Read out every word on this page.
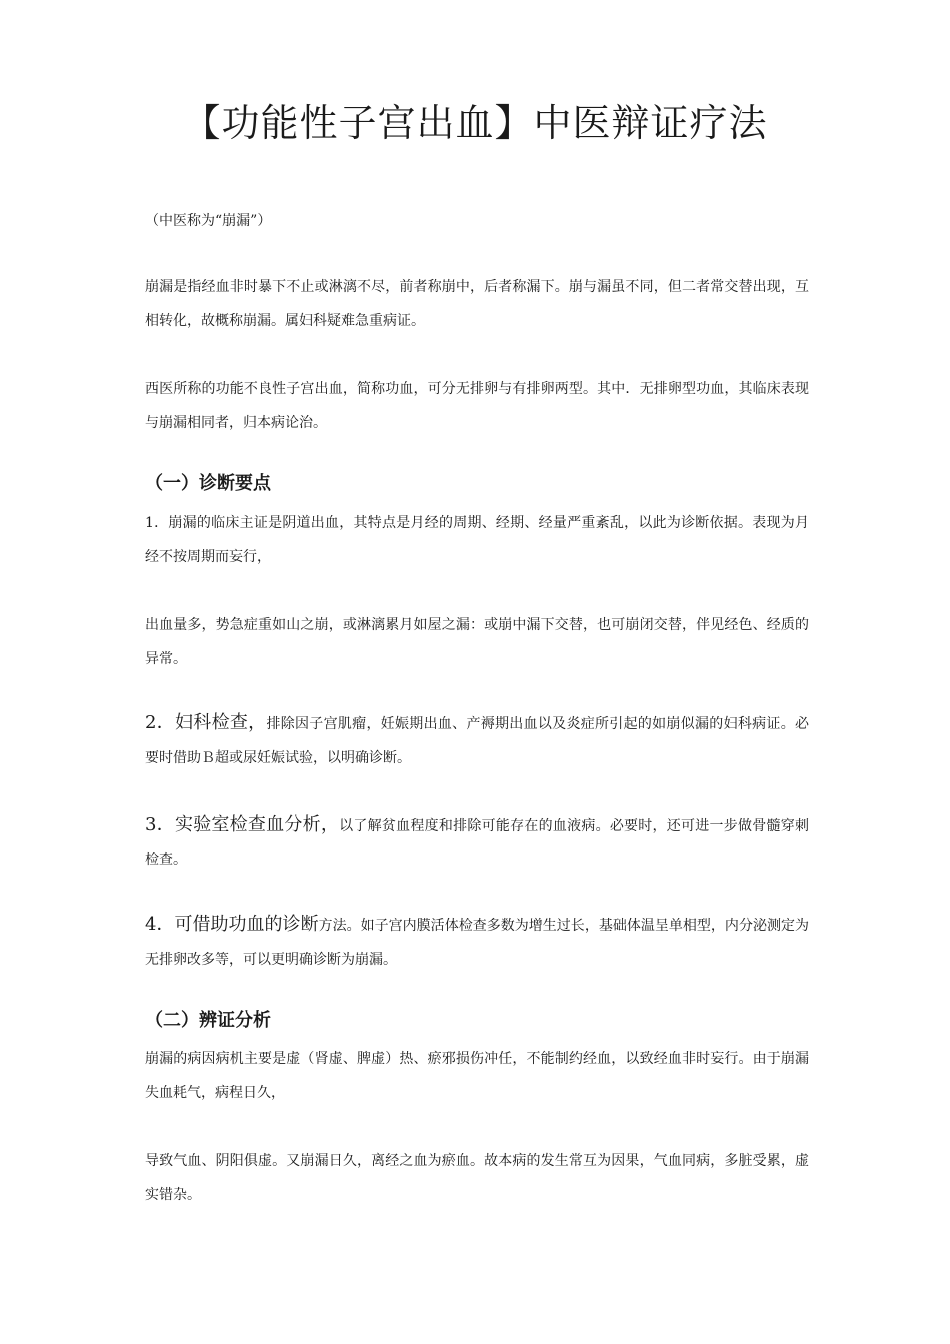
【功能性子宫出血】中医辩证疗法

（中医称为“崩漏”）

崩漏是指经血非时暴下不止或淋漓不尽，前者称崩中，后者称漏下。崩与漏虽不同，但二者常交替出现，互相转化，故概称崩漏。属妇科疑难急重病证。

西医所称的功能不良性子宫出血，简称功血，可分无排卵与有排卵两型。其中．无排卵型功血，其临床表现与崩漏相同者，归本病论治。

（一）诊断要点

1．崩漏的临床主证是阴道出血，其特点是月经的周期、经期、经量严重紊乱，以此为诊断依据。表现为月经不按周期而妄行，

出血量多，势急症重如山之崩，或淋漓累月如屋之漏：或崩中漏下交替，也可崩闭交替，伴见经色、经质的异常。

2．妇科检查，排除因子宫肌瘤，妊娠期出血、产褥期出血以及炎症所引起的如崩似漏的妇科病证。必要时借助Ｂ超或尿妊娠试验，以明确诊断。

3．实验室检查血分析，以了解贫血程度和排除可能存在的血液病。必要时，还可进一步做骨髓穿刺检查。

4．可借助功血的诊断方法。如子宫内膜活体检查多数为增生过长，基础体温呈单相型，内分泌测定为无排卵改多等，可以更明确诊断为崩漏。

（二）辨证分析

崩漏的病因病机主要是虚（肾虚、脾虚）热、瘀邪损伤冲任，不能制约经血，以致经血非时妄行。由于崩漏失血耗气，病程日久，

导致气血、阴阳俱虚。又崩漏日久，离经之血为瘀血。故本病的发生常互为因果，气血同病，多脏受累，虚实错杂。
